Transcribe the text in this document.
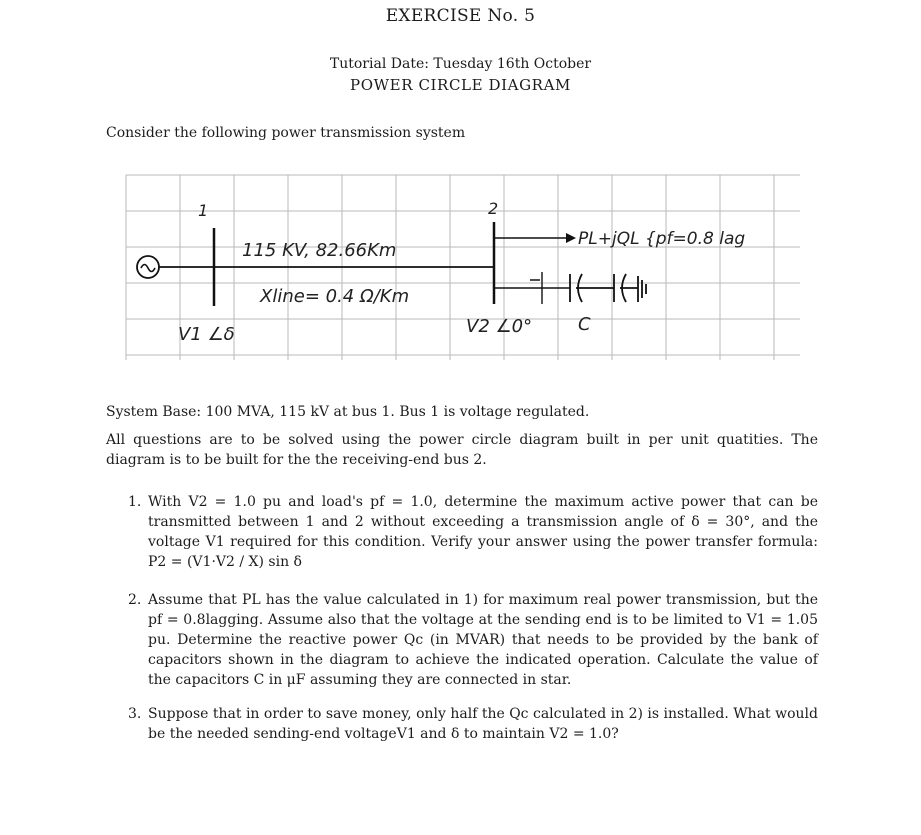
EXERCISE No. 5
Tutorial Date: Tuesday 16th October
POWER CIRCLE DIAGRAM
Consider the following power transmission system
1
115 KV, 82.66Km
Xline= 0.4 Ω/Km
2
PL+jQL {pf=0.8 lag
C
V1 ∠δ	V2 ∠0°
System Base: 100 MVA, 115 kV at bus 1. Bus 1 is voltage regulated.
All questions are to be solved using the power circle diagram built in per unit quatities. The diagram is to be built for the the receiving-end bus 2.
1. With V2 = 1.0 pu and load's pf = 1.0, determine the maximum active power that can be transmitted between 1 and 2 without exceeding a transmission angle of δ = 30°, and the voltage V1 required for this condition. Verify your answer using the power transfer formula: P2 = (V1·V2 / X) sin δ
2. Assume that PL has the value calculated in 1) for maximum real power transmission, but the pf = 0.8lagging. Assume also that the voltage at the sending end is to be limited to V1 = 1.05 pu. Determine the reactive power Qc (in MVAR) that needs to be provided by the bank of capacitors shown in the diagram to achieve the indicated operation. Calculate the value of the capacitors C in μF assuming they are connected in star.
3. Suppose that in order to save money, only half the Qc calculated in 2) is installed. What would be the needed sending-end voltageV1 and δ to maintain V2 = 1.0?
